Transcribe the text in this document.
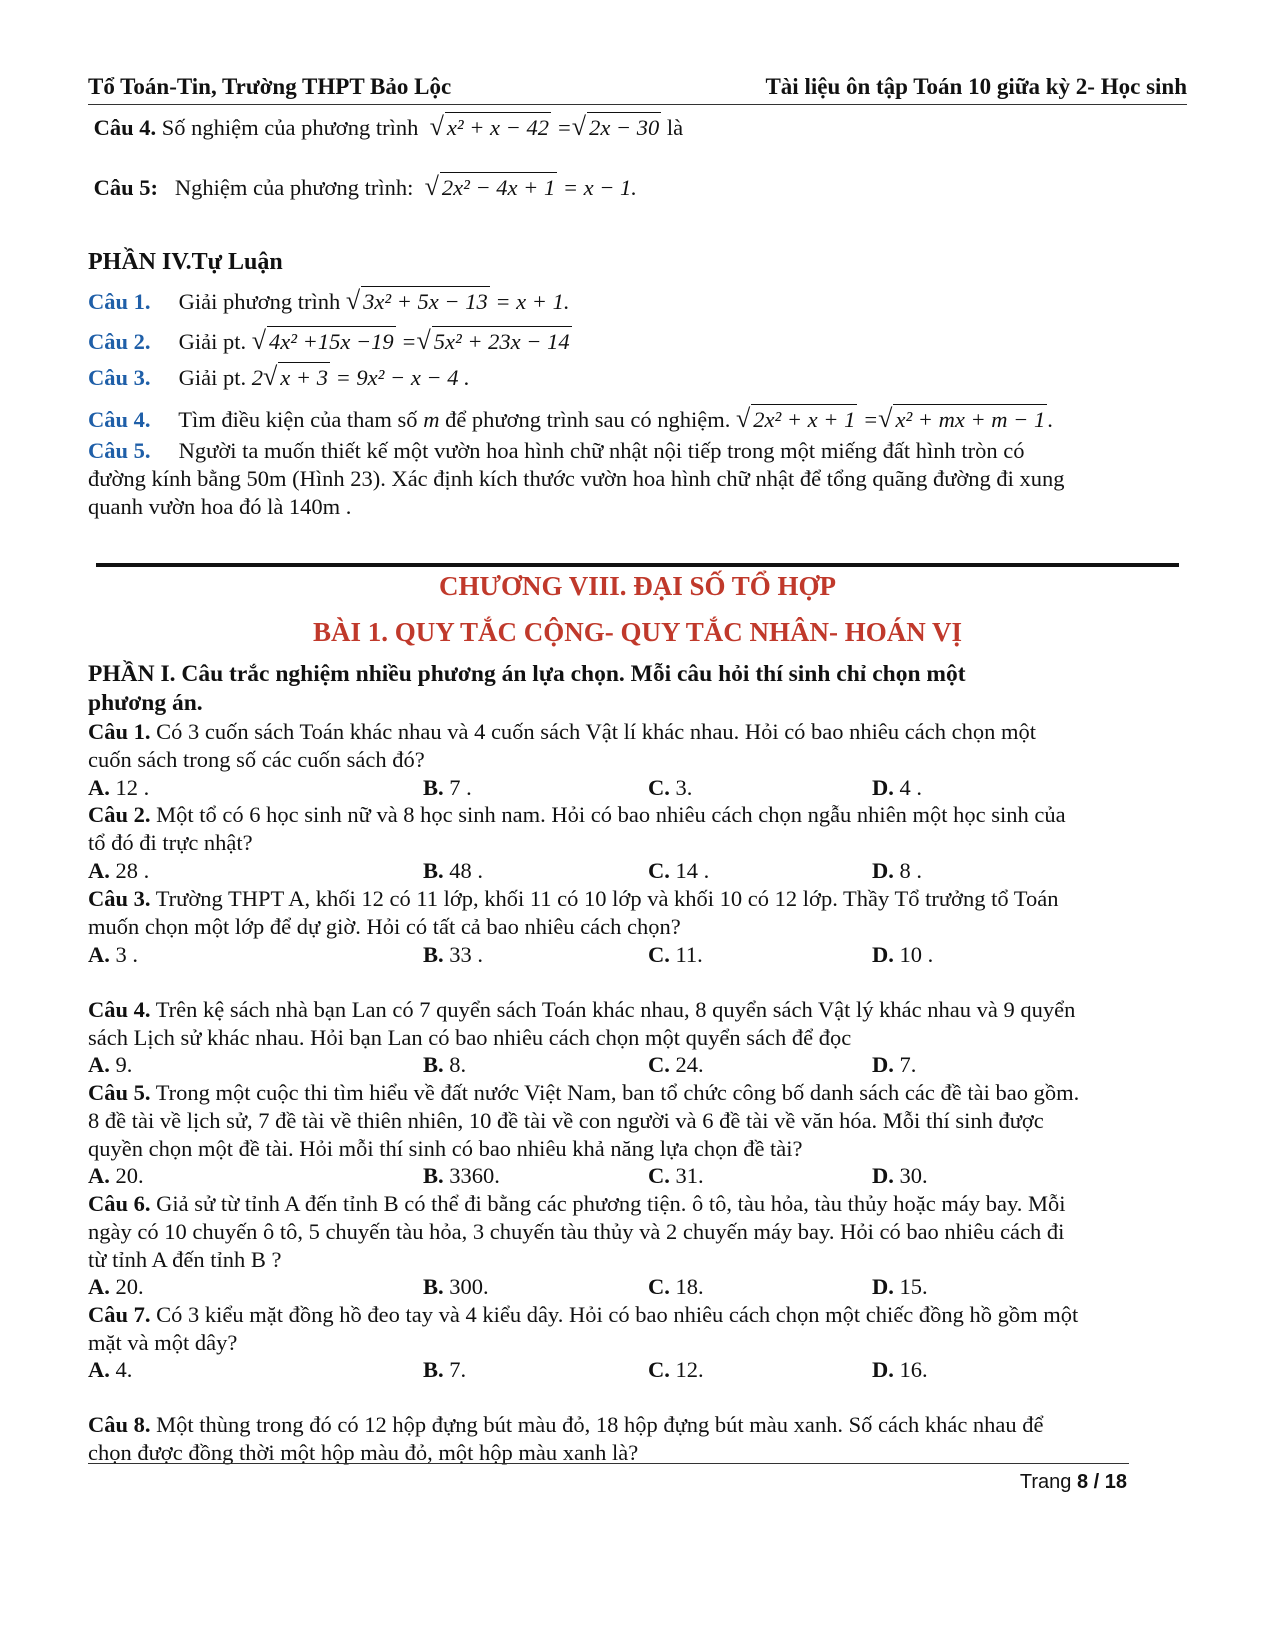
Tổ Toán-Tin, Trường THPT Bảo Lộc	Tài liệu ôn tập Toán 10 giữa kỳ 2- Học sinh
Câu 4. Số nghiệm của phương trình √ x² + x − 42 =√ 2x − 30 là
Câu 5: Nghiệm của phương trình: √ 2x² − 4x + 1 = x − 1.
PHẦN IV.Tự Luận
Câu 1. Giải phương trình √ 3x² + 5x − 13 = x + 1.
Câu 2. Giải pt. √ 4x² +15x −19 =√ 5x² + 23x − 14
Câu 3. Giải pt. 2√ x + 3 = 9x² − x − 4 .
Câu 4. Tìm điều kiện của tham số m để phương trình sau có nghiệm. √ 2x² + x + 1 =√ x² + mx + m − 1.
Câu 5. Người ta muốn thiết kế một vườn hoa hình chữ nhật nội tiếp trong một miếng đất hình tròn có
đường kính bằng 50m (Hình 23). Xác định kích thước vườn hoa hình chữ nhật để tổng quãng đường đi xung
quanh vườn hoa đó là 140m .
CHƯƠNG VIII. ĐẠI SỐ TỔ HỢP
BÀI 1. QUY TẮC CỘNG- QUY TẮC NHÂN- HOÁN VỊ
PHẦN I. Câu trắc nghiệm nhiều phương án lựa chọn. Mỗi câu hỏi thí sinh chỉ chọn một
phương án.
Câu 1. Có 3 cuốn sách Toán khác nhau và 4 cuốn sách Vật lí khác nhau. Hỏi có bao nhiêu cách chọn một
cuốn sách trong số các cuốn sách đó?
A. 12 .	B. 7 .	C. 3.	D. 4 .
Câu 2. Một tổ có 6 học sinh nữ và 8 học sinh nam. Hỏi có bao nhiêu cách chọn ngẫu nhiên một học sinh của
tổ đó đi trực nhật?
A. 28 .	B. 48 .	C. 14 .	D. 8 .
Câu 3. Trường THPT A, khối 12 có 11 lớp, khối 11 có 10 lớp và khối 10 có 12 lớp. Thầy Tổ trưởng tổ Toán
muốn chọn một lớp để dự giờ. Hỏi có tất cả bao nhiêu cách chọn?
A. 3 .	B. 33 .	C. 11.	D. 10 .
Câu 4. Trên kệ sách nhà bạn Lan có 7 quyển sách Toán khác nhau, 8 quyển sách Vật lý khác nhau và 9 quyển
sách Lịch sử khác nhau. Hỏi bạn Lan có bao nhiêu cách chọn một quyển sách để đọc
A. 9.	B. 8.	C. 24.	D. 7.
Câu 5. Trong một cuộc thi tìm hiểu về đất nước Việt Nam, ban tổ chức công bố danh sách các đề tài bao gồm.
8 đề tài về lịch sử, 7 đề tài về thiên nhiên, 10 đề tài về con người và 6 đề tài về văn hóa. Mỗi thí sinh được
quyền chọn một đề tài. Hỏi mỗi thí sinh có bao nhiêu khả năng lựa chọn đề tài?
A. 20.	B. 3360.	C. 31.	D. 30.
Câu 6. Giả sử từ tỉnh A đến tỉnh B có thể đi bằng các phương tiện. ô tô, tàu hỏa, tàu thủy hoặc máy bay. Mỗi
ngày có 10 chuyến ô tô, 5 chuyến tàu hỏa, 3 chuyến tàu thủy và 2 chuyến máy bay. Hỏi có bao nhiêu cách đi
từ tỉnh A đến tỉnh B ?
A. 20.	B. 300.	C. 18.	D. 15.
Câu 7. Có 3 kiểu mặt đồng hồ đeo tay và 4 kiểu dây. Hỏi có bao nhiêu cách chọn một chiếc đồng hồ gồm một
mặt và một dây?
A. 4.	B. 7.	C. 12.	D. 16.
Câu 8. Một thùng trong đó có 12 hộp đựng bút màu đỏ, 18 hộp đựng bút màu xanh. Số cách khác nhau để
chọn được đồng thời một hộp màu đỏ, một hộp màu xanh là?
Trang 8 / 18
